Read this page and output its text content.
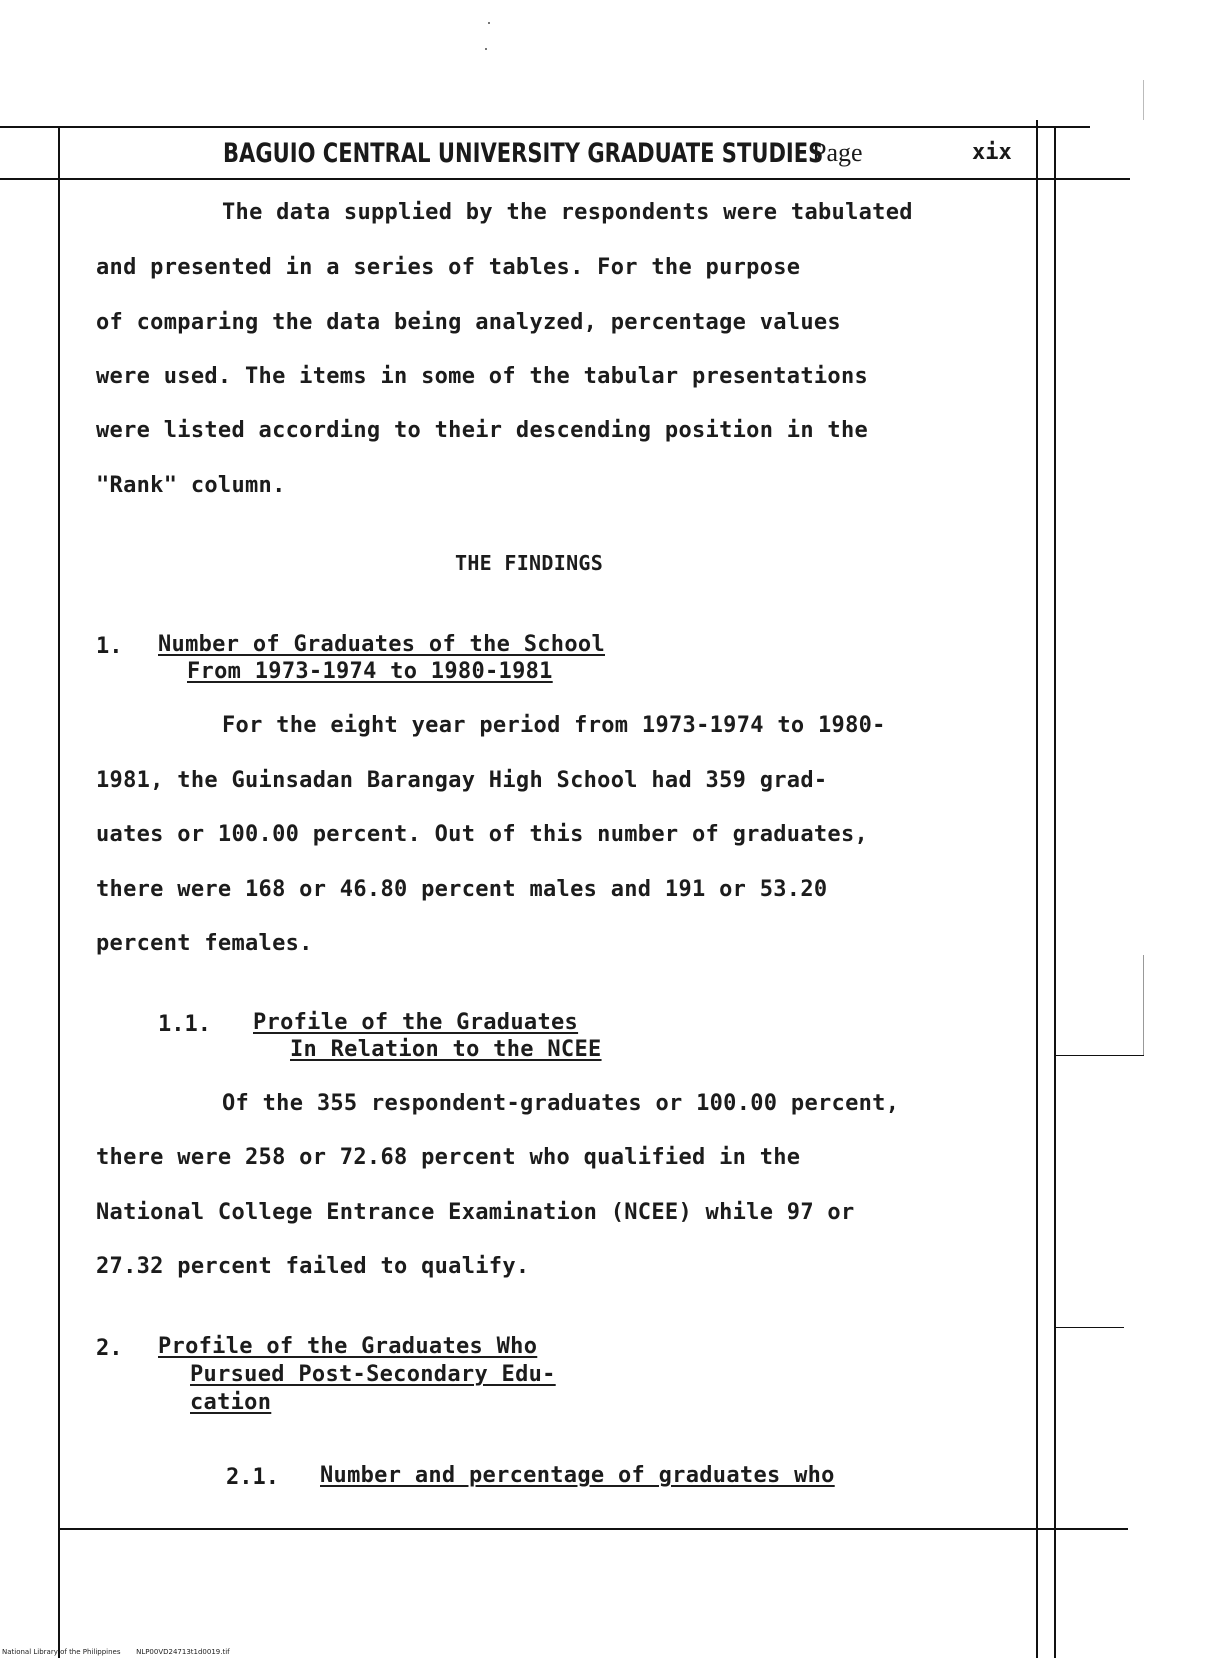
BAGUIO CENTRAL UNIVERSITY GRADUATE STUDIES
Page	xix
The data supplied by the respondents were tabulated
and presented in a series of tables. For the purpose
of comparing the data being analyzed, percentage values
were used. The items in some of the tabular presentations
were listed according to their descending position in the
"Rank" column.
THE FINDINGS
1. Number of Graduates of the School
From 1973-1974 to 1980-1981
For the eight year period from 1973-1974 to 1980-
1981, the Guinsadan Barangay High School had 359 grad-
uates or 100.00 percent. Out of this number of graduates,
there were 168 or 46.80 percent males and 191 or 53.20
percent females.
1.1. Profile of the Graduates
In Relation to the NCEE
Of the 355 respondent-graduates or 100.00 percent,
there were 258 or 72.68 percent who qualified in the
National College Entrance Examination (NCEE) while 97 or
27.32 percent failed to qualify.
2. Profile of the Graduates Who
Pursued Post-Secondary Edu-
cation
2.1. Number and percentage of graduates who
National Library of the Philippines NLP00VD24713t1d0019.tif
